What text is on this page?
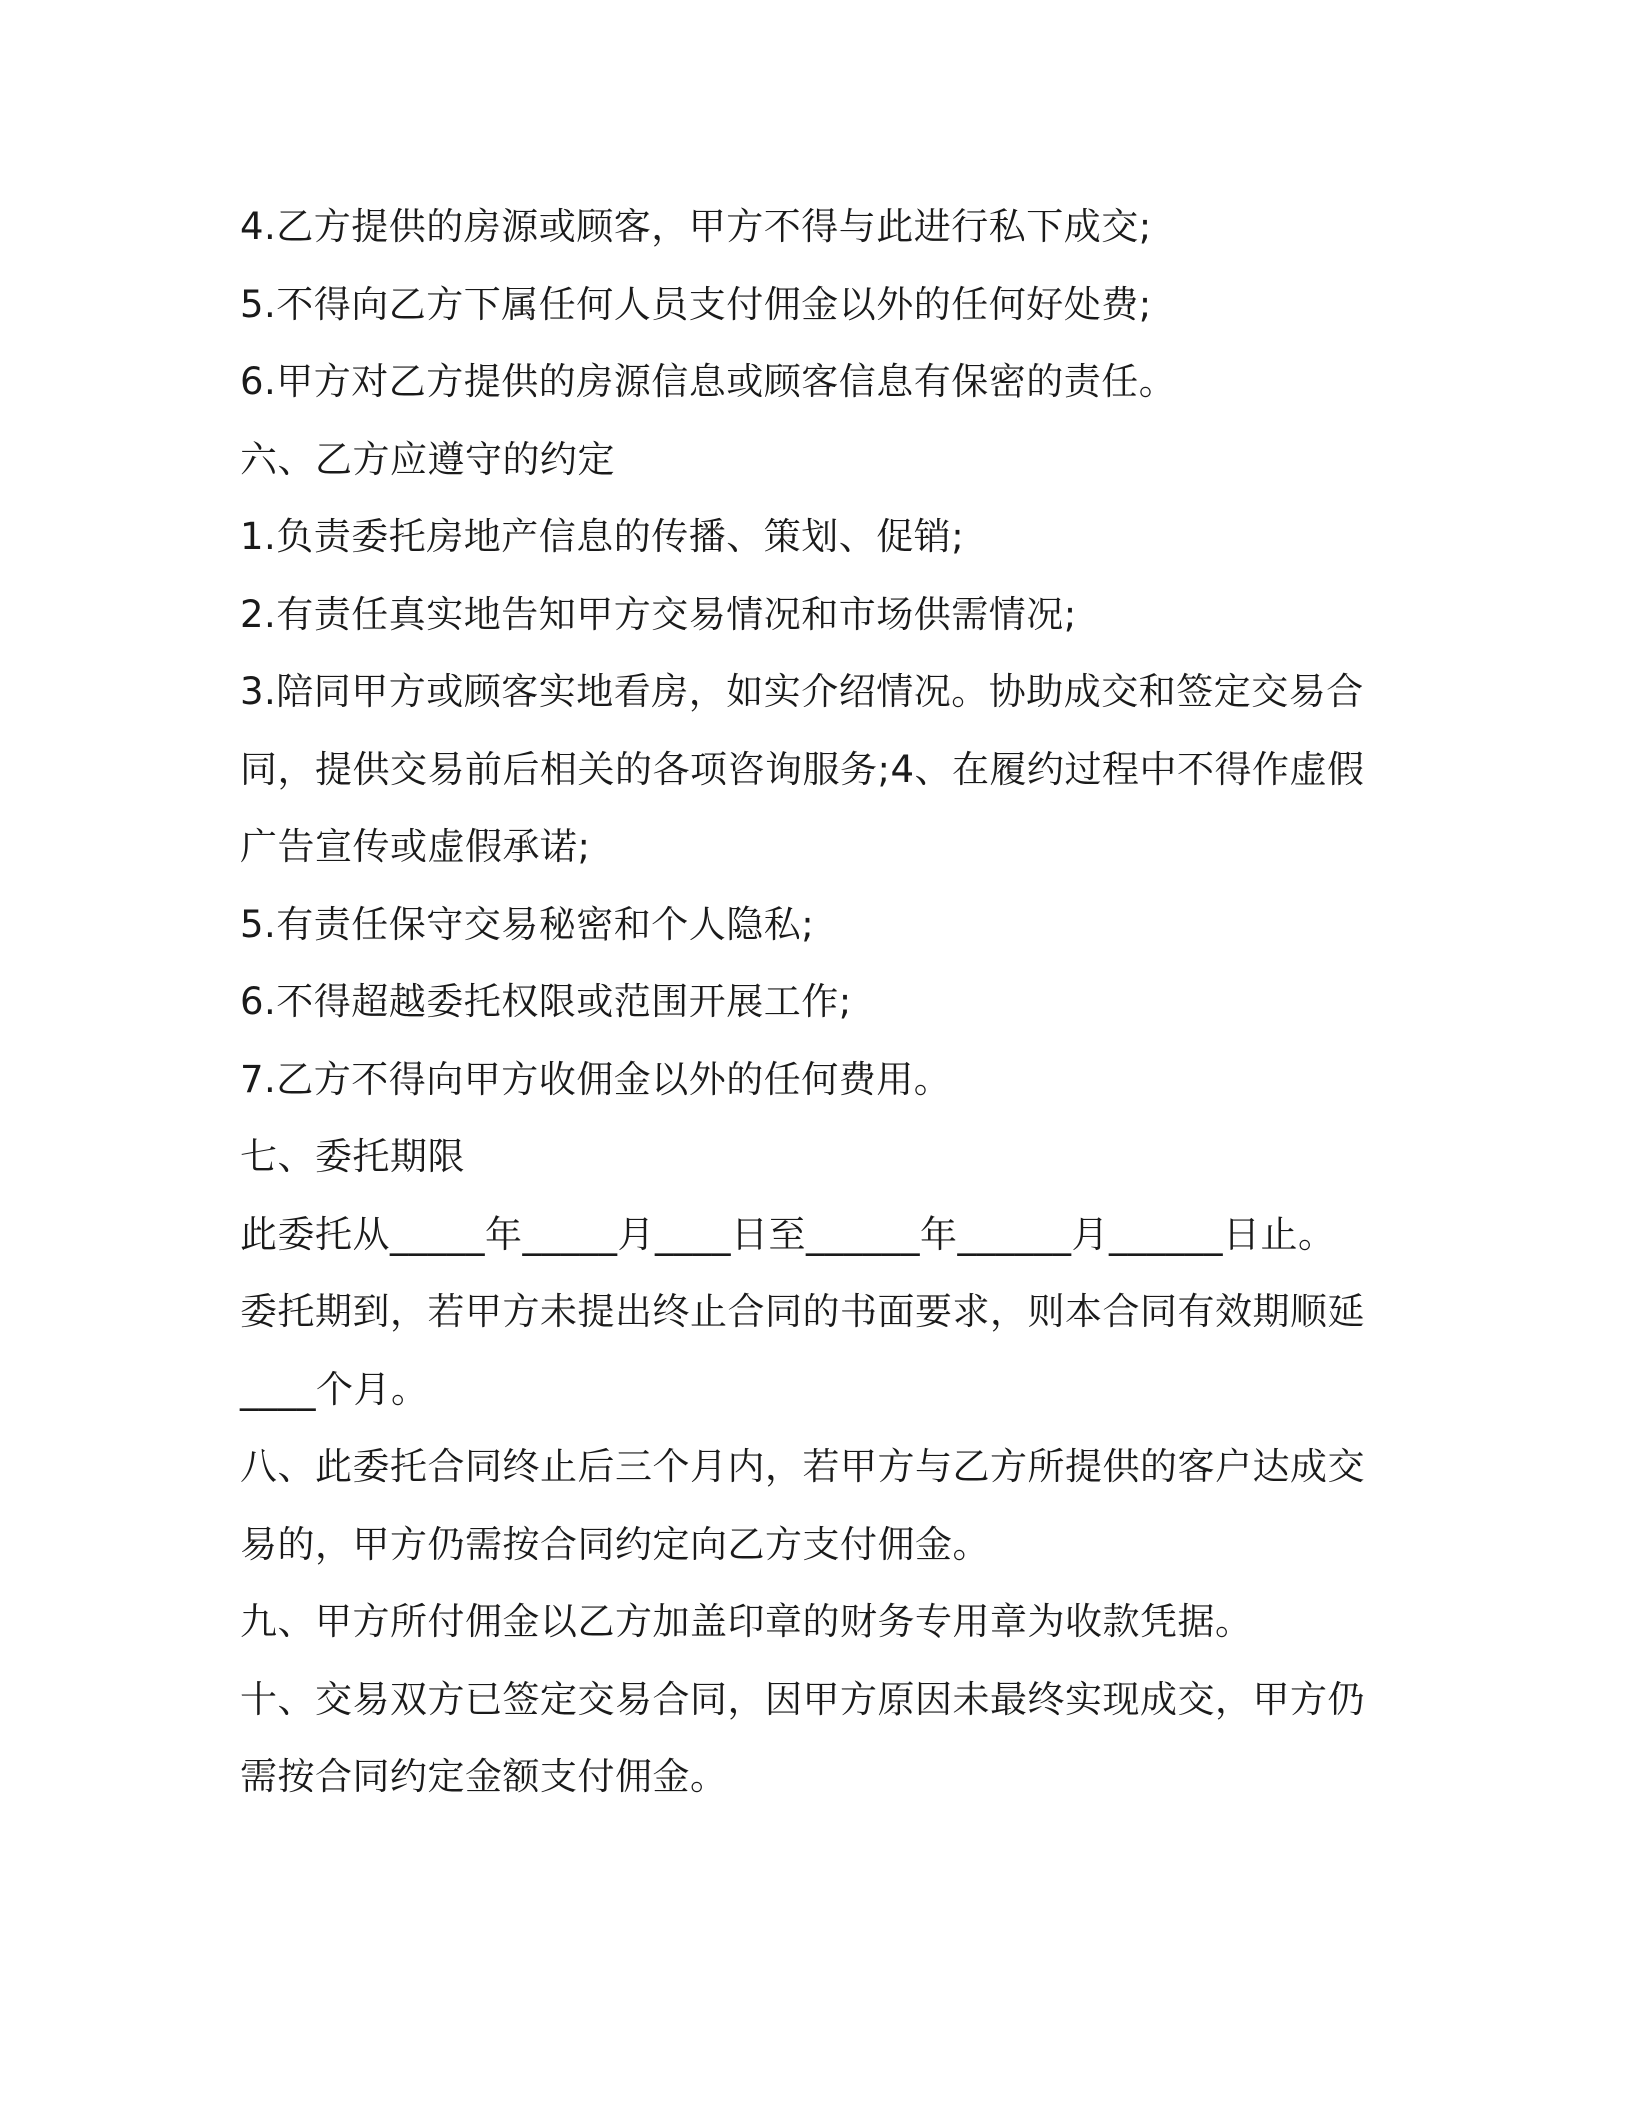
4.乙方提供的房源或顾客，甲方不得与此进行私下成交;
5.不得向乙方下属任何人员支付佣金以外的任何好处费;
6.甲方对乙方提供的房源信息或顾客信息有保密的责任。
六、乙方应遵守的约定
1.负责委托房地产信息的传播、策划、促销;
2.有责任真实地告知甲方交易情况和市场供需情况;
3.陪同甲方或顾客实地看房，如实介绍情况。协助成交和签定交易合
同，提供交易前后相关的各项咨询服务;4、在履约过程中不得作虚假
广告宣传或虚假承诺;
5.有责任保守交易秘密和个人隐私;
6.不得超越委托权限或范围开展工作;
7.乙方不得向甲方收佣金以外的任何费用。
七、委托期限
此委托从_____年_____月____日至______年______月______日止。
委托期到，若甲方未提出终止合同的书面要求，则本合同有效期顺延
____个月。
八、此委托合同终止后三个月内，若甲方与乙方所提供的客户达成交
易的，甲方仍需按合同约定向乙方支付佣金。
九、甲方所付佣金以乙方加盖印章的财务专用章为收款凭据。
十、交易双方已签定交易合同，因甲方原因未最终实现成交，甲方仍
需按合同约定金额支付佣金。
